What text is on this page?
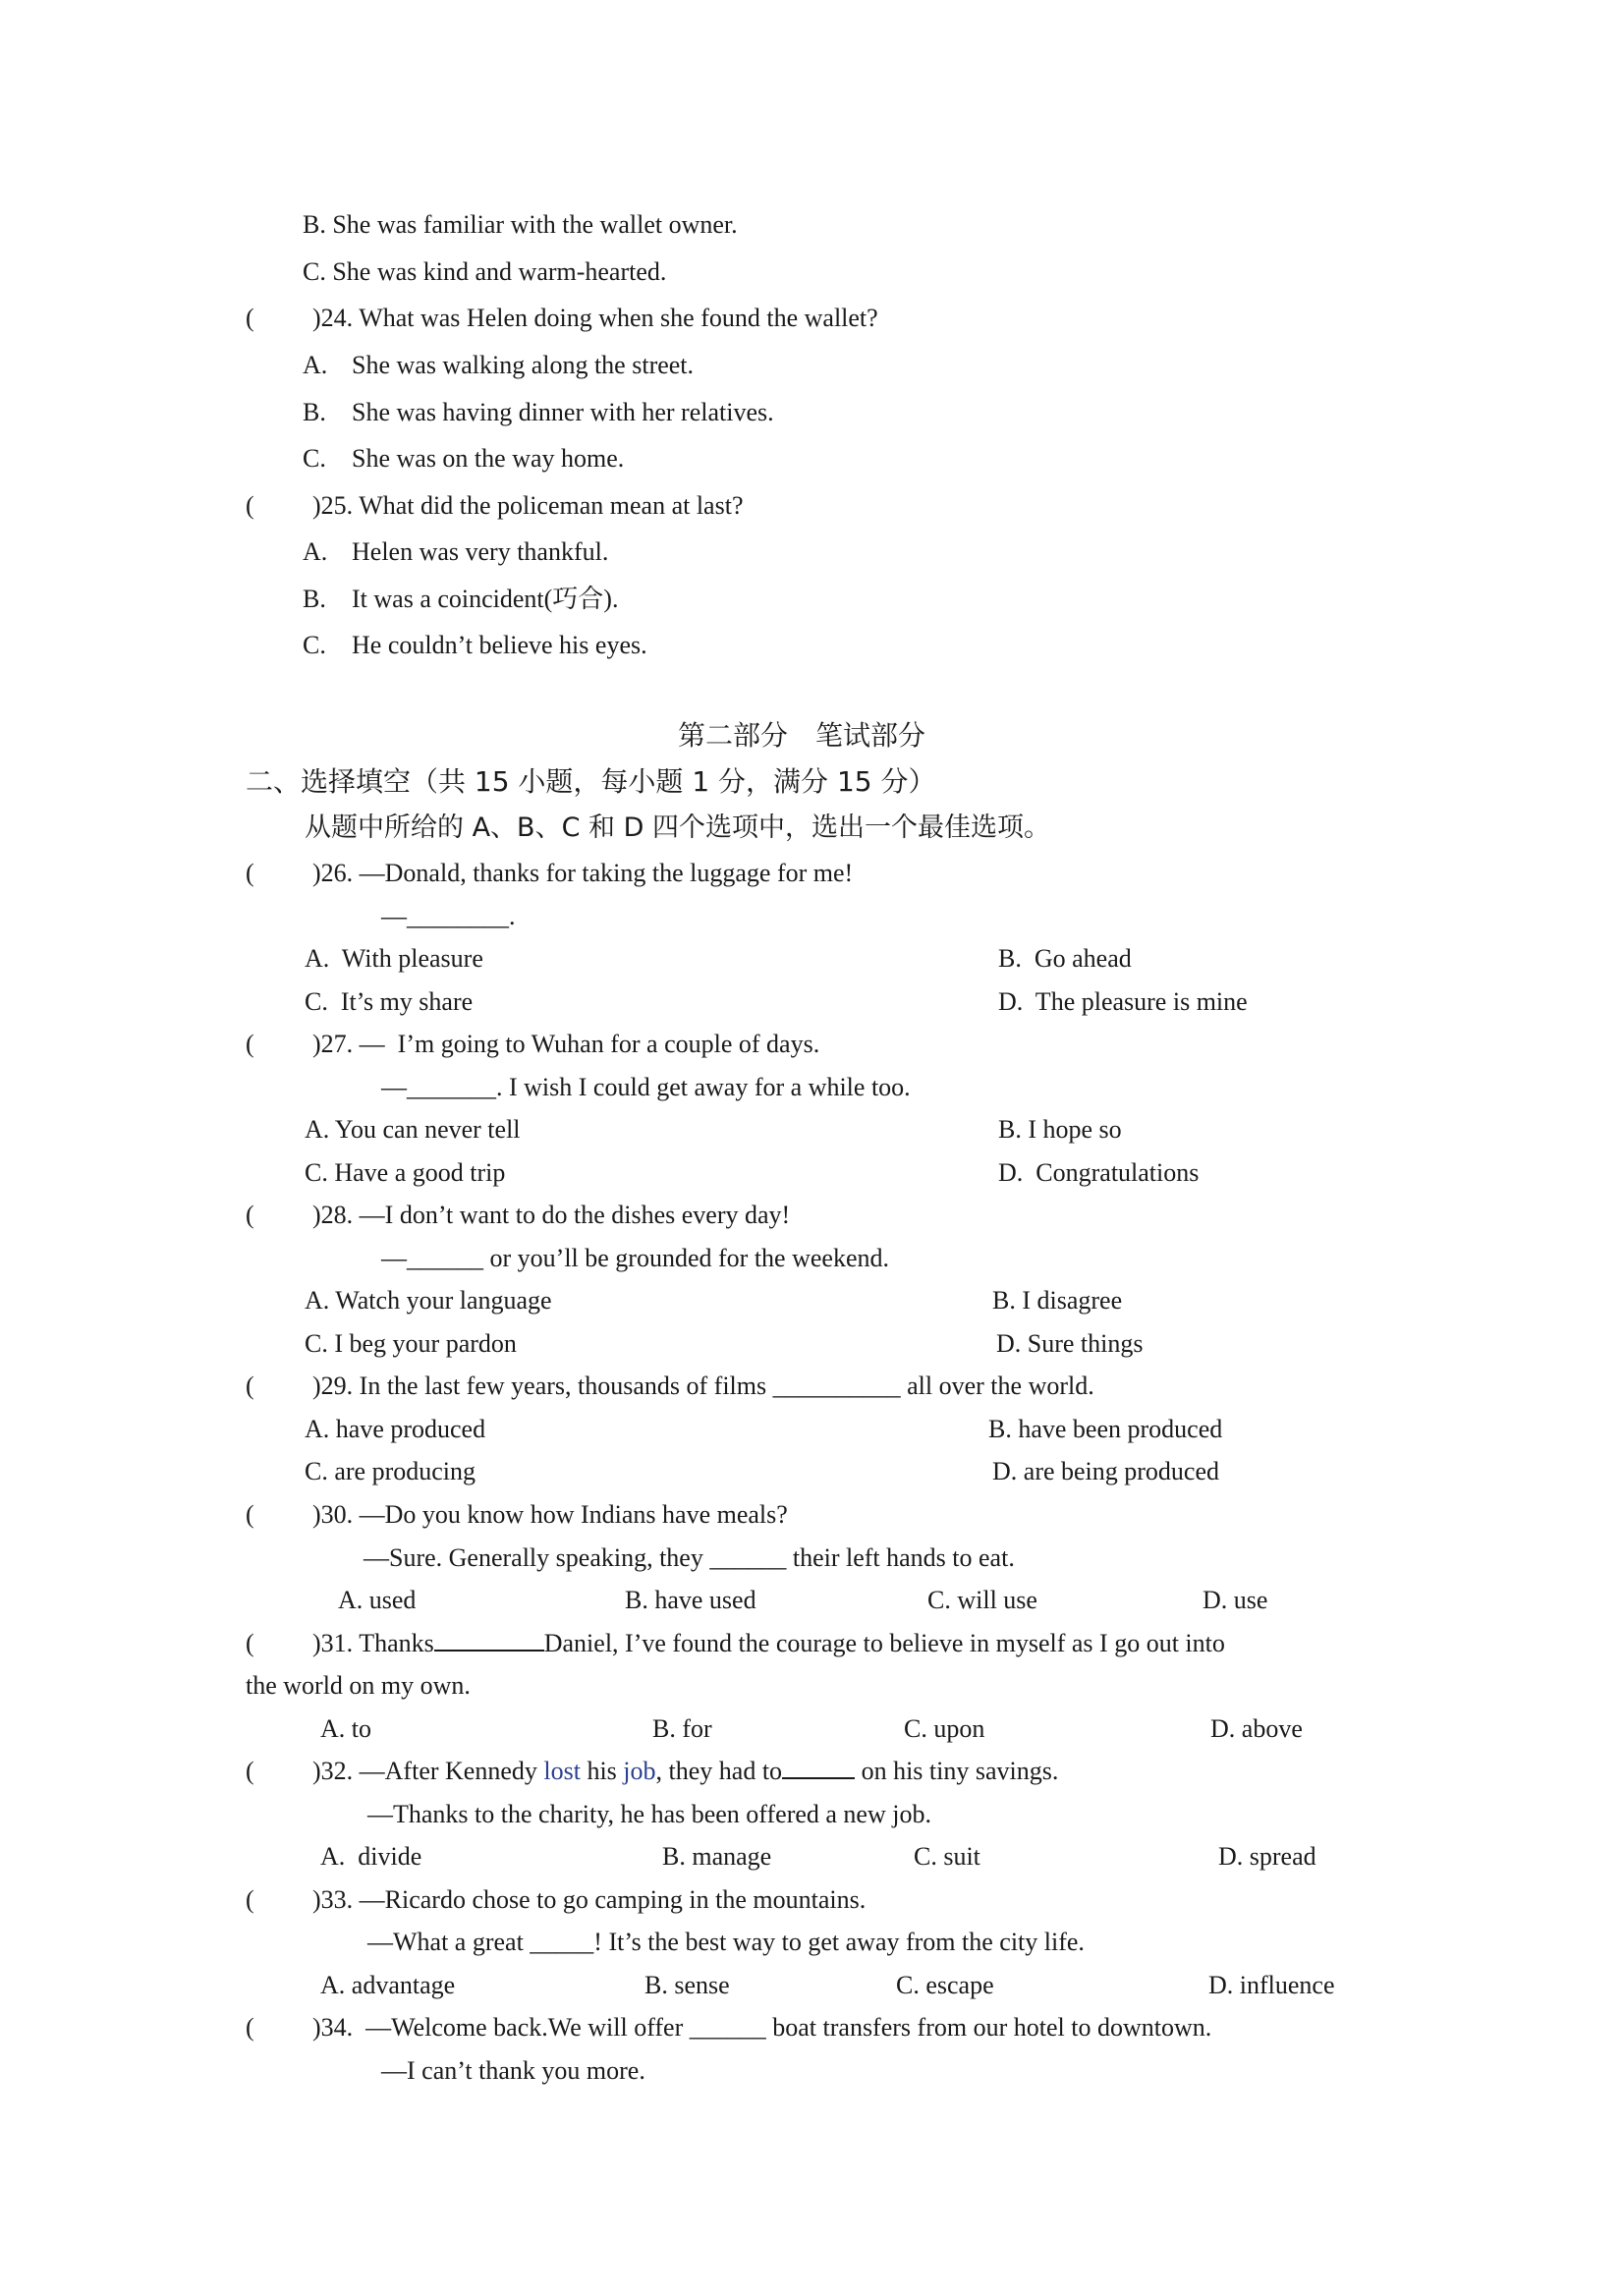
B. She was familiar with the wallet owner.
C. She was kind and warm-hearted.
( )24. What was Helen doing when she found the wallet?
A. She was walking along the street.
B. She was having dinner with her relatives.
C. She was on the way home.
( )25. What did the policeman mean at last?
A. Helen was very thankful.
B. It was a coincident(巧合).
C. He couldn’t believe his eyes.
第二部分　笔试部分
二、选择填空（共 15 小题，每小题 1 分，满分 15 分）
从题中所给的 A、B、C 和 D 四个选项中，选出一个最佳选项。
( )26. —Donald, thanks for taking the luggage for me!
—________.
A.  With pleasure	B.  Go ahead
C.  It’s my share	D.  The pleasure is mine
( )27. —  I’m going to Wuhan for a couple of days.
—_______. I wish I could get away for a while too.
A. You can never tell	B. I hope so
C. Have a good trip	D.  Congratulations
( )28. —I don’t want to do the dishes every day!
—______ or you’ll be grounded for the weekend.
A. Watch your language	B. I disagree
C. I beg your pardon	D. Sure things
( )29. In the last few years, thousands of films __________ all over the world.
A. have produced	B. have been produced
C. are producing	D. are being produced
( )30. —Do you know how Indians have meals?
—Sure. Generally speaking, they ______ their left hands to eat.
A. used	B. have used	C. will use	D. use
( )31. Thanks	Daniel, I’ve found the courage to believe in myself as I go out into
the world on my own.
A. to	B. for	C. upon	D. above
( )32. —After Kennedy lost his job, they had to	on his tiny savings.
—Thanks to the charity, he has been offered a new job.
A.  divide	B. manage	C. suit	D. spread
( )33. —Ricardo chose to go camping in the mountains.
—What a great _____! It’s the best way to get away from the city life.
A. advantage	B. sense	C. escape	D. influence
( )34.  —Welcome back.We will offer ______ boat transfers from our hotel to downtown.
—I can’t thank you more.
